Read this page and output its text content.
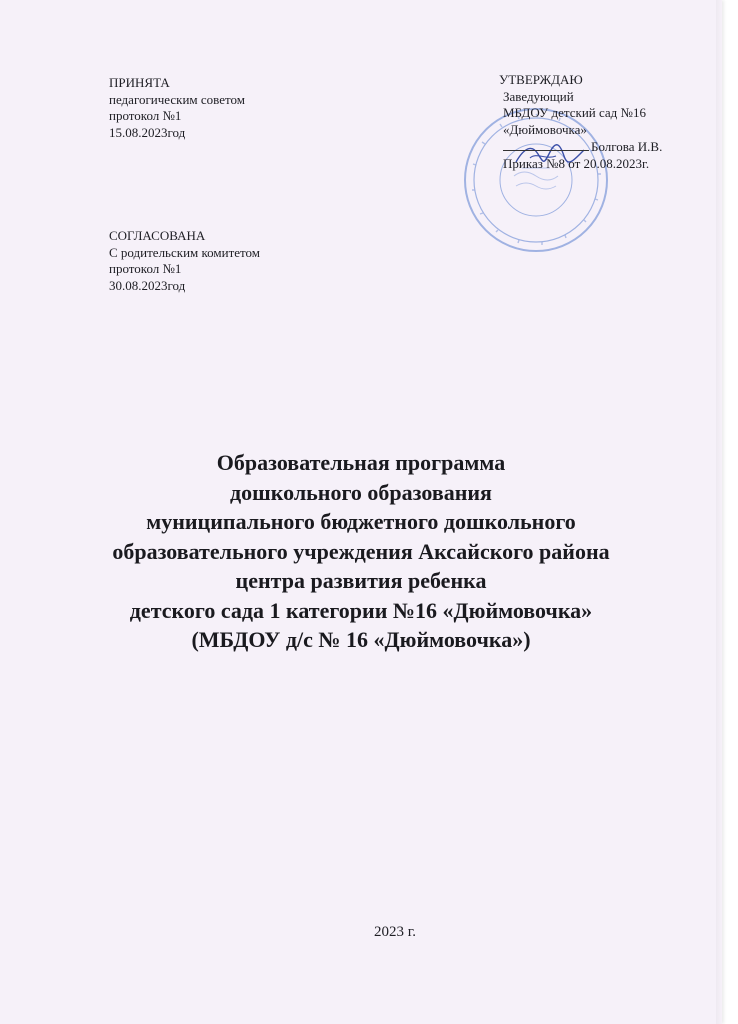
ПРИНЯТА
педагогическим советом
протокол №1
15.08.2023год
СОГЛАСОВАНА
С родительским комитетом
протокол №1
30.08.2023год
УТВЕРЖДАЮ
Заведующий
МБДОУ детский сад №16
«Дюймовочка»
Болгова И.В.
Приказ №8 от 20.08.2023г.
Образовательная программа
дошкольного образования
муниципального бюджетного дошкольного
образовательного учреждения Аксайского района
центра развития ребенка
детского сада 1 категории №16 «Дюймовочка»
(МБДОУ д/с № 16 «Дюймовочка»)
2023 г.
